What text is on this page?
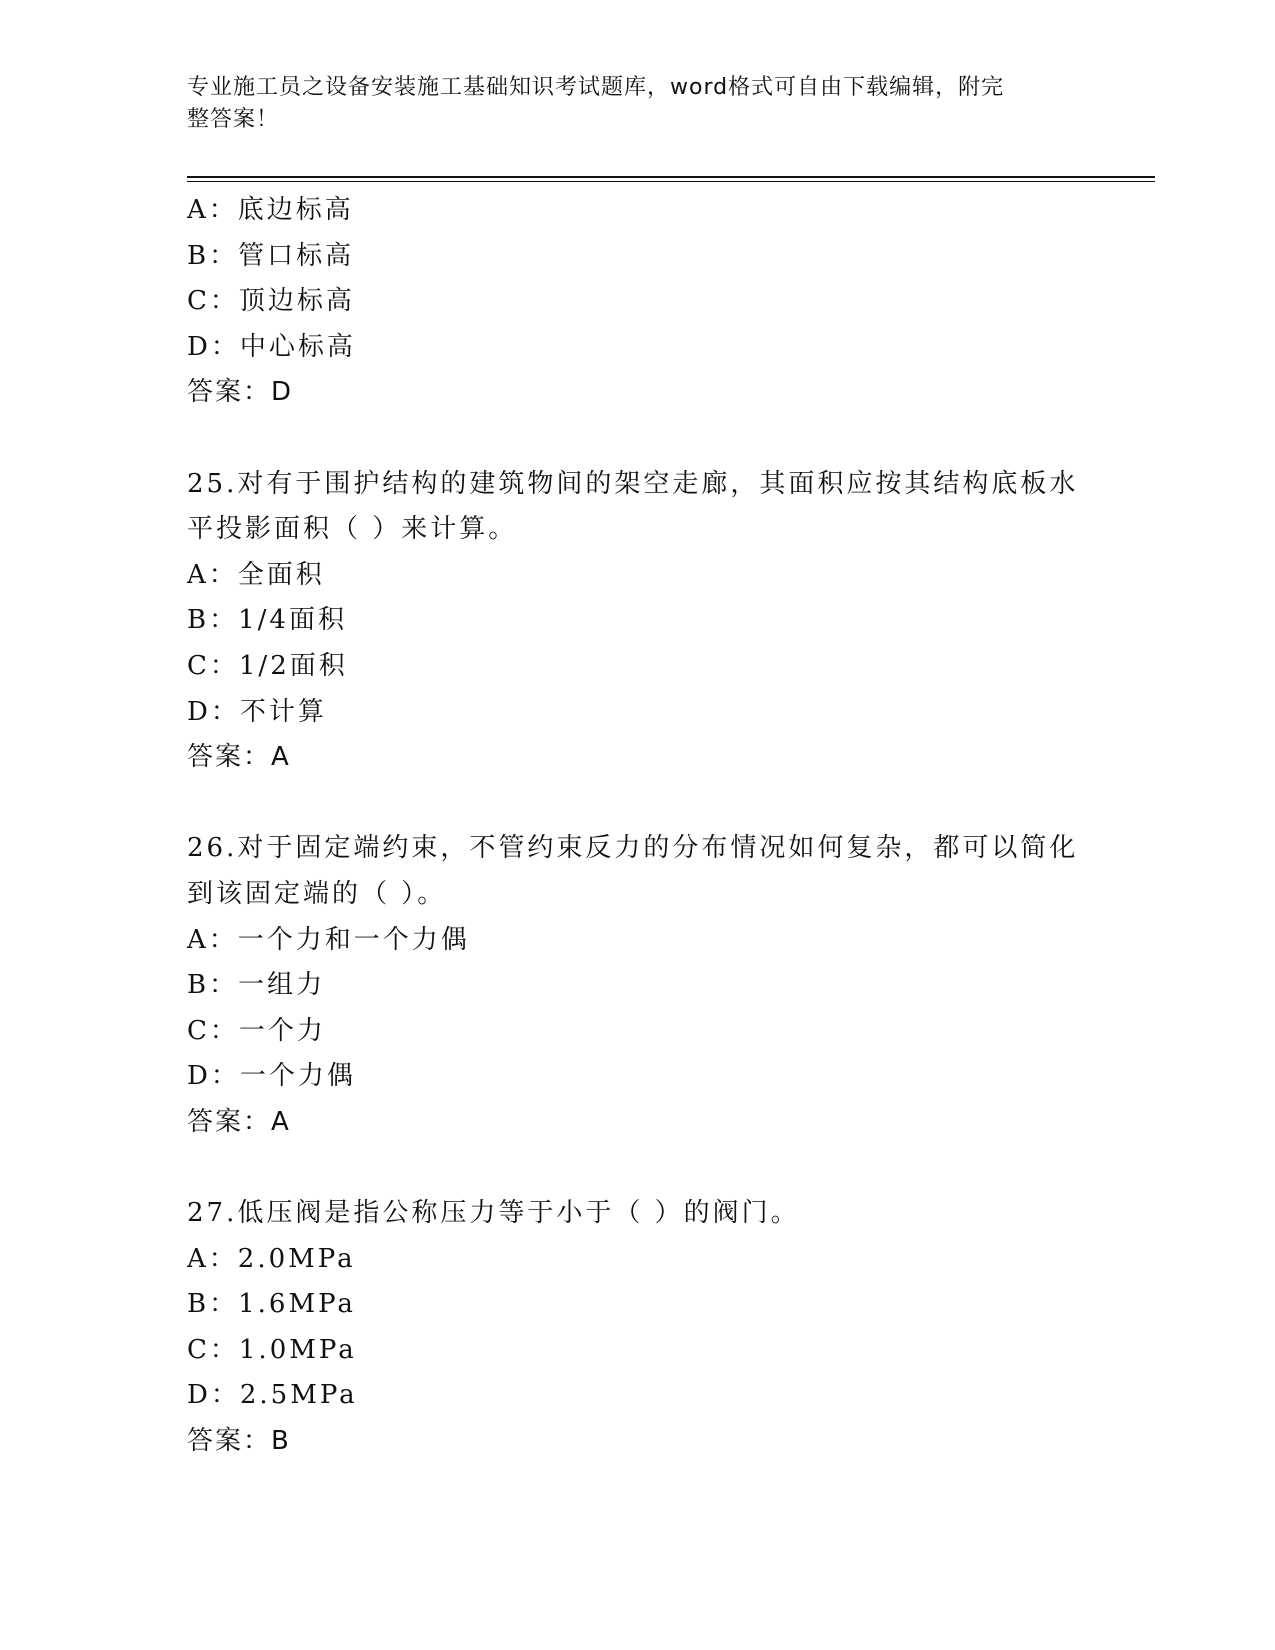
专业施工员之设备安装施工基础知识考试题库，word格式可自由下载编辑，附完
整答案！
A：底边标高
B：管口标高
C：顶边标高
D：中心标高
答案：D
25.对有于围护结构的建筑物间的架空走廊，其面积应按其结构底板水
平投影面积（ ）来计算。
A：全面积
B：1/4面积
C：1/2面积
D：不计算
答案：A
26.对于固定端约束，不管约束反力的分布情况如何复杂，都可以简化
到该固定端的（ ）。
A：一个力和一个力偶
B：一组力
C：一个力
D：一个力偶
答案：A
27.低压阀是指公称压力等于小于（ ）的阀门。
A：2.0MPa
B：1.6MPa
C：1.0MPa
D：2.5MPa
答案：B
